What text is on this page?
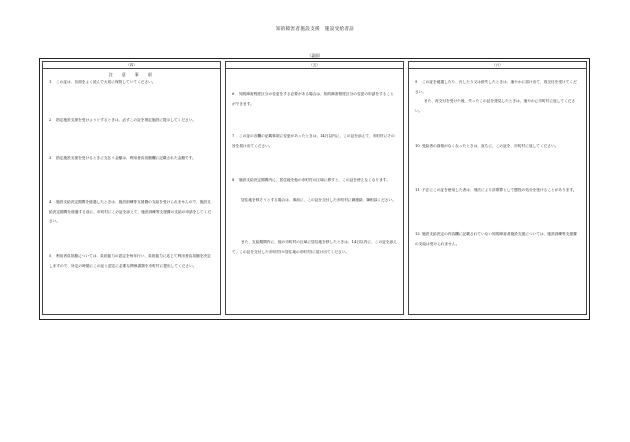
知的障害者施設支援　施設受給者証
（裏面）
（四）
注　意　事　項
1 この証は、各面をよく読んで大切に保管していてください。
2 指定施設支援を受けようとするときは、必ずこの証を指定施設に提示してください。
3 指定施設支援を受けるときに支払う金額は、利用者負担額欄に記載された金額です。
4 施設支給決定期間を経過したときは、施設訓練等支援費の支給を受けられませんので、施設支給決定期間を経過する前に、市町村にこの証を添えて、施設訓練等支援費の支給の申請をしてください。
5 利用者負担額については、負担能力の認定を毎年行い、負担能力に応じて利用者負担額を決定しますので、所定の時期にこの証と認定に必要な関係書類を市町村に提出してください。
（五）
6 知的障害程度区分の変更をする必要がある場合は、知的障害程度区分の変更の申請をすることができます。
7 この証の各欄の記載事項に変更があったときは、14日以内に、この証を添えて、市町村にその旨を届け出てください。
8 施設支給決定期間内に、居住地を他の市町村の区域に移すと、この証を使えなくなります。
居住地を移そうとする場合は、事前に、この証を交付した市町村に御連絡、御相談ください。
また、支給期間内に、他の市町村の区域に居住地を移したときは、14日以内に、この証を添えて、この証を交付した市町村(※居住地の市町村)に届け出てください。
（六）
9 この証を破損したり、汚したり又は紛失したときは、速やかに届け出て、再交付を受けてください。
また、再交付を受けた後、失ったこの証を発見したときは、速やかに市町村に返してください。
10 受給者の資格がなくなったときは、直ちに、この証を、市町村に返してください。
11 不正にこの証を使用した者は、刑法により詐欺罪として懲役の処分を受けることがあります。
12 施設支給決定の内容欄に記載されていない知的障害者施設支援については、施設訓練等支援費の支給は受けられません。
